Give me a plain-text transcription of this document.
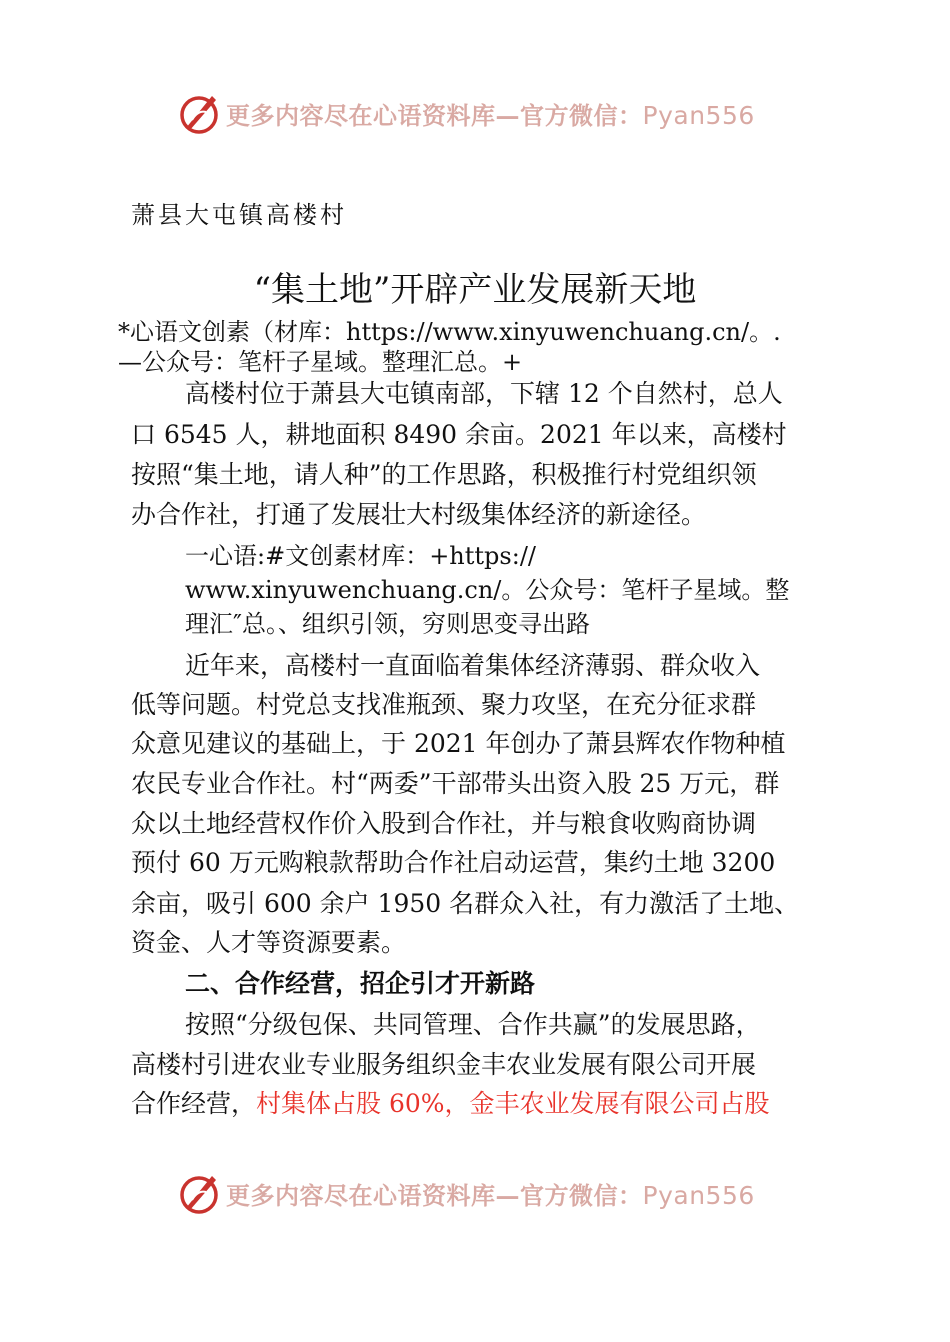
更多内容尽在心语资料库—官方微信：Pyan556
萧县大屯镇高楼村
“集土地”开辟产业发展新天地
*心语文创素（材库：https://www.xinyuwenchuang.cn/。.
—公众号：笔杆子星域。整理汇总。+
高楼村位于萧县大屯镇南部，下辖 12 个自然村，总人
口 6545 人，耕地面积 8490 余亩。2021 年以来，高楼村
按照“集土地，请人种”的工作思路，积极推行村党组织领
办合作社，打通了发展壮大村级集体经济的新途径。
一心语:#文创素材库：+https://
www.xinyuwenchuang.cn/。公众号：笔杆子星域。整
理汇″总。、组织引领，穷则思变寻出路
近年来，高楼村一直面临着集体经济薄弱、群众收入
低等问题。村党总支找准瓶颈、聚力攻坚，在充分征求群
众意见建议的基础上，于 2021 年创办了萧县辉农作物种植
农民专业合作社。村“两委”干部带头出资入股 25 万元，群
众以土地经营权作价入股到合作社，并与粮食收购商协调
预付 60 万元购粮款帮助合作社启动运营，集约土地 3200
余亩，吸引 600 余户 1950 名群众入社，有力激活了土地、
资金、人才等资源要素。
二、合作经营，招企引才开新路
按照“分级包保、共同管理、合作共赢”的发展思路，
高楼村引进农业专业服务组织金丰农业发展有限公司开展
合作经营，村集体占股 60%，金丰农业发展有限公司占股
更多内容尽在心语资料库—官方微信：Pyan556
